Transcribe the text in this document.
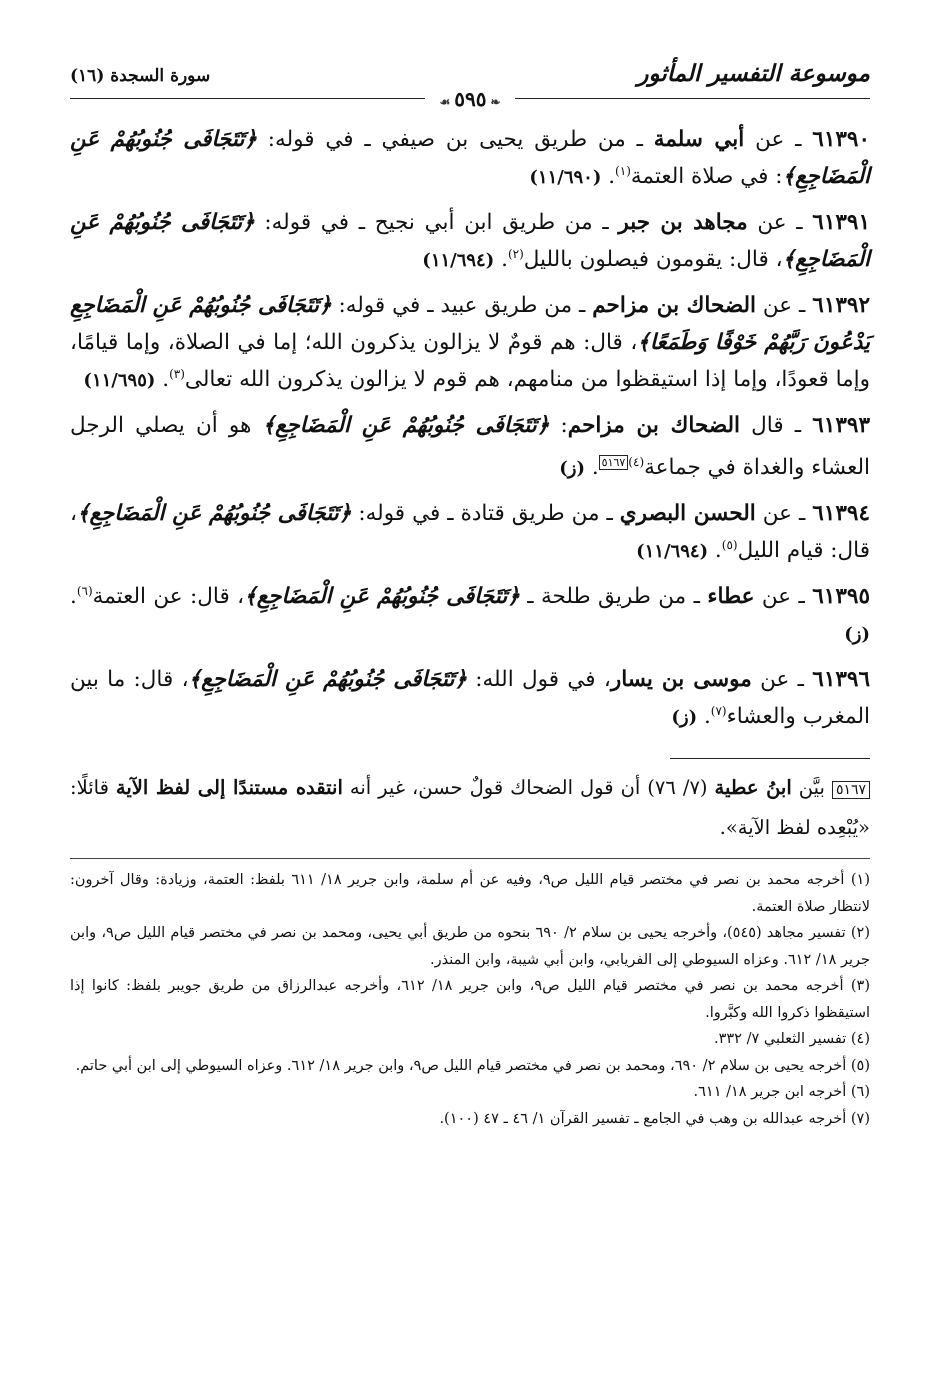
موسوعة التفسير المأثور
سورة السجدة (١٦)
❧٥٩٥☙

٦١٣٩٠ ـ عن أبي سلمة ـ من طريق يحيى بن صيفي ـ في قوله: ﴿تَتَجَافَى جُنُوبُهُمْ عَنِ الْمَضَاجِعِ﴾: في صلاة العتمة$^{(١)}$. (١١/٦٩٠)

٦١٣٩١ ـ عن مجاهد بن جبر ـ من طريق ابن أبي نجيح ـ في قوله: ﴿تَتَجَافَى جُنُوبُهُمْ عَنِ الْمَضَاجِعِ﴾، قال: يقومون فيصلون بالليل$^{(٢)}$. (١١/٦٩٤)

٦١٣٩٢ ـ عن الضحاك بن مزاحم ـ من طريق عبيد ـ في قوله: ﴿تَتَجَافَى جُنُوبُهُمْ عَنِ الْمَضَاجِعِ يَدْعُونَ رَبَّهُمْ خَوْفًا وَطَمَعًا﴾، قال: هم قومٌ لا يزالون يذكرون الله؛ إما في الصلاة، وإما قيامًا، وإما قعودًا، وإما إذا استيقظوا من منامهم، هم قوم لا يزالون يذكرون الله تعالى$^{(٣)}$. (١١/٦٩٥)

٦١٣٩٣ ـ قال الضحاك بن مزاحم: ﴿تَتَجَافَى جُنُوبُهُمْ عَنِ الْمَضَاجِعِ﴾ هو أن يصلي الرجل العشاء والغداة في جماعة$^{(٤)٥١٦٧}$. (ز)

٦١٣٩٤ ـ عن الحسن البصري ـ من طريق قتادة ـ في قوله: ﴿تَتَجَافَى جُنُوبُهُمْ عَنِ الْمَضَاجِعِ﴾، قال: قيام الليل$^{(٥)}$. (١١/٦٩٤)

٦١٣٩٥ ـ عن عطاء ـ من طريق طلحة ـ ﴿تَتَجَافَى جُنُوبُهُمْ عَنِ الْمَضَاجِعِ﴾، قال: عن العتمة$^{(٦)}$. (ز)

٦١٣٩٦ ـ عن موسى بن يسار، في قول الله: ﴿تَتَجَافَى جُنُوبُهُمْ عَنِ الْمَضَاجِعِ﴾، قال: ما بين المغرب والعشاء$^{(٧)}$. (ز)

٥١٦٧ بيَّن ابنُ عطية (٧/ ٧٦) أن قول الضحاك قولٌ حسن، غير أنه انتقده مستندًا إلى لفظ الآية قائلًا: «يُبْعِده لفظ الآية».

(١) أخرجه محمد بن نصر في مختصر قيام الليل ص٩، وفيه عن أم سلمة، وابن جرير ١٨/ ٦١١ بلفظ: العتمة، وزيادة: وقال آخرون: لانتظار صلاة العتمة.

(٢) تفسير مجاهد (٥٤٥)، وأخرجه يحيى بن سلام ٢/ ٦٩٠ بنحوه من طريق أبي يحيى، ومحمد بن نصر في مختصر قيام الليل ص٩، وابن جرير ١٨/ ٦١٢. وعزاه السيوطي إلى الفريابي، وابن أبي شيبة، وابن المنذر.

(٣) أخرجه محمد بن نصر في مختصر قيام الليل ص٩، وابن جرير ١٨/ ٦١٢، وأخرجه عبدالرزاق من طريق جويبر بلفظ: كانوا إذا استيقظوا ذكروا الله وكبَّروا.

(٤) تفسير الثعلبي ٧/ ٣٣٢.

(٥) أخرجه يحيى بن سلام ٢/ ٦٩٠، ومحمد بن نصر في مختصر قيام الليل ص٩، وابن جرير ١٨/ ٦١٢. وعزاه السيوطي إلى ابن أبي حاتم.

(٦) أخرجه ابن جرير ١٨/ ٦١١.

(٧) أخرجه عبدالله بن وهب في الجامع ـ تفسير القرآن ١/ ٤٦ ـ ٤٧ (١٠٠).
